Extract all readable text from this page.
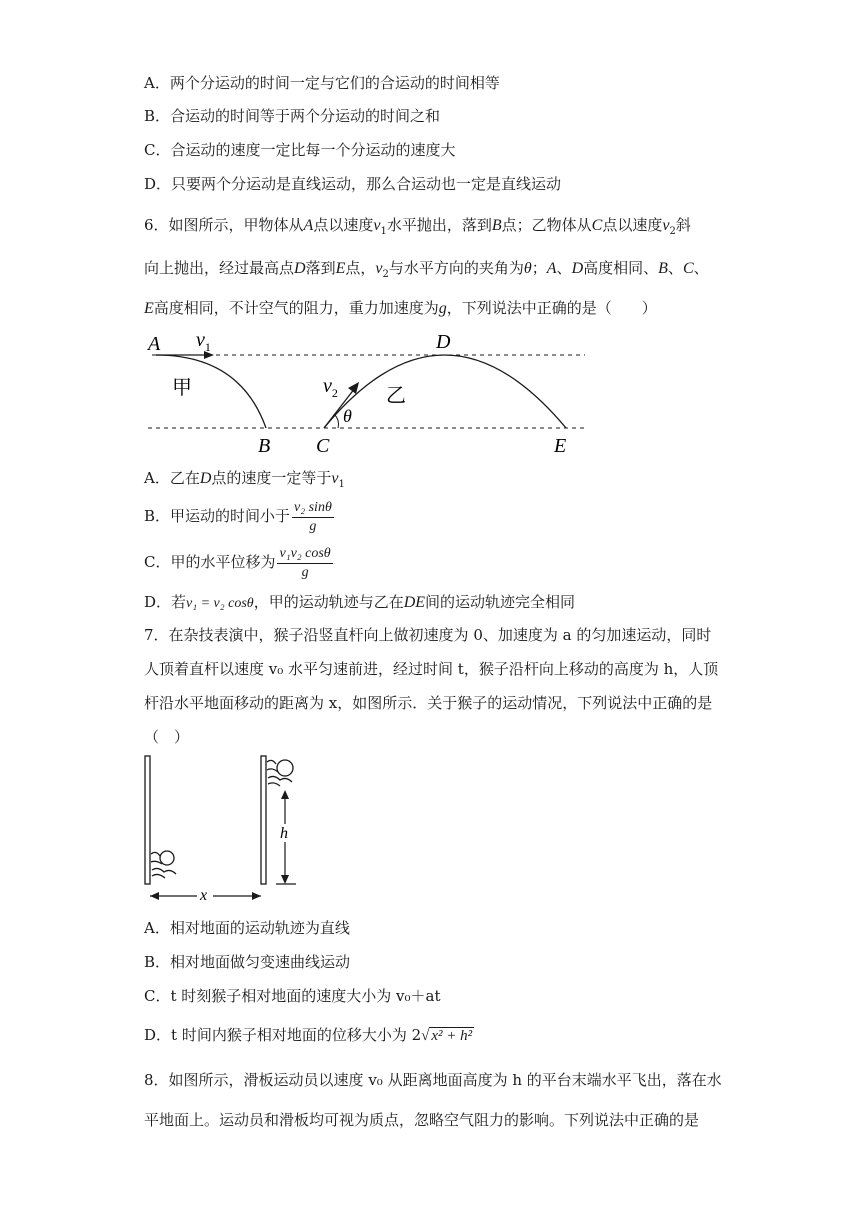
A．两个分运动的时间一定与它们的合运动的时间相等
B．合运动的时间等于两个分运动的时间之和
C．合运动的速度一定比每一个分运动的速度大
D．只要两个分运动是直线运动，那么合运动也一定是直线运动
6．如图所示，甲物体从A点以速度$v_1$水平抛出，落到B点；乙物体从C点以速度$v_2$斜
向上抛出，经过最高点D落到E点，$v_2$与水平方向的夹角为θ；A、D高度相同、B、C、
E高度相同，不计空气的阻力，重力加速度为g，下列说法中正确的是（　　）
A $v_1$
甲
D
$v_2$ 乙
θ
B C	E
A．乙在D点的速度一定等于$v_1$
B．甲运动的时间小于 $\frac{\text{v₂ sinθ}}{g}$
C．甲的水平位移为 $\frac{\text{v₁v₂ cosθ}}{g}$
D．若v₁ = v₂ cosθ，甲的运动轨迹与乙在DE间的运动轨迹完全相同
7．在杂技表演中，猴子沿竖直杆向上做初速度为 0、加速度为 a 的匀加速运动，同时
人顶着直杆以速度 v₀ 水平匀速前进，经过时间 t，猴子沿杆向上移动的高度为 h，人顶
杆沿水平地面移动的距离为 x，如图所示．关于猴子的运动情况，下列说法中正确的是
（　）
h
x
A．相对地面的运动轨迹为直线
B．相对地面做匀变速曲线运动
C．t 时刻猴子相对地面的速度大小为 v₀＋at
D．t 时间内猴子相对地面的位移大小为 2√ x² + h²
8．如图所示，滑板运动员以速度 v₀ 从距离地面高度为 h 的平台末端水平飞出，落在水
平地面上。运动员和滑板均可视为质点，忽略空气阻力的影响。下列说法中正确的是
